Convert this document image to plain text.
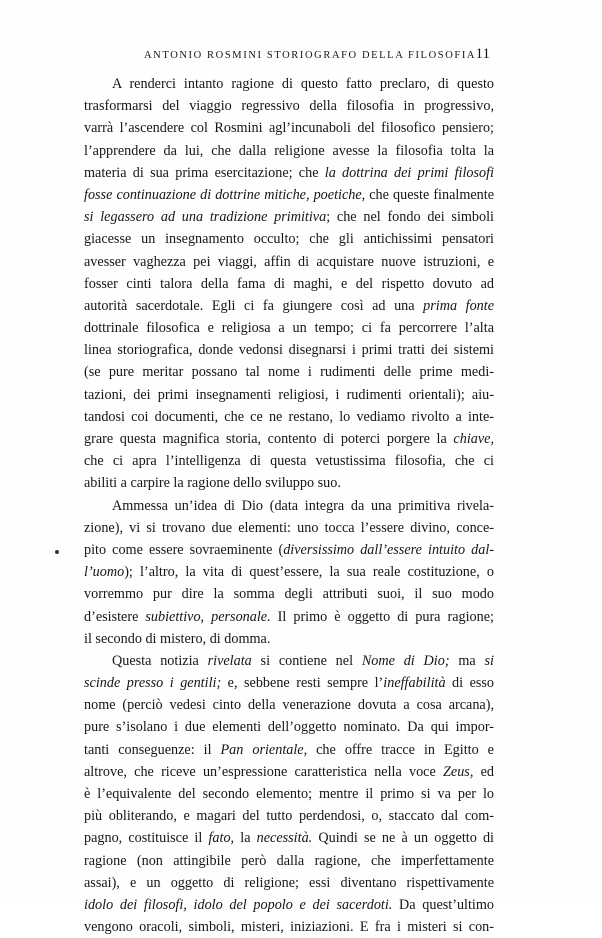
ANTONIO ROSMINI STORIOGRAFO DELLA FILOSOFIA 11
A renderci intanto ragione di questo fatto preclaro, di questo
trasformarsi del viaggio regressivo della filosofia in progressivo,
varrà l’ascendere col Rosmini agl’incunaboli del filosofico pensiero;
l’apprendere da lui, che dalla religione avesse la filosofia tolta la
materia di sua prima esercitazione; che la dottrina dei primi filosofi
fosse continuazione di dottrine mitiche, poetiche, che queste finalmente
si legassero ad una tradizione primitiva; che nel fondo dei simboli
giacesse un insegnamento occulto; che gli antichissimi pensatori
avesser vaghezza pei viaggi, affin di acquistare nuove istruzioni, e
fosser cinti talora della fama di maghi, e del rispetto dovuto ad
autorità sacerdotale. Egli ci fa giungere così ad una prima fonte
dottrinale filosofica e religiosa a un tempo; ci fa percorrere l’alta
linea storiografica, donde vedonsi disegnarsi i primi tratti dei sistemi
(se pure meritar possano tal nome i rudimenti delle prime medi-
tazioni, dei primi insegnamenti religiosi, i rudimenti orientali); aiu-
tandosi coi documenti, che ce ne restano, lo vediamo rivolto a inte-
grare questa magnifica storia, contento di poterci porgere la chiave,
che ci apra l’intelligenza di questa vetustissima filosofia, che ci
abiliti a carpire la ragione dello sviluppo suo.
Ammessa un’idea di Dio (data integra da una primitiva rivela-
zione), vi si trovano due elementi: uno tocca l’essere divino, conce-
pito come essere sovraeminente (diversissimo dall’essere intuito dal-
l’uomo); l’altro, la vita di quest’essere, la sua reale costituzione, o
vorremmo pur dire la somma degli attributi suoi, il suo modo
d’esistere subiettivo, personale. Il primo è oggetto di pura ragione;
il secondo di mistero, di domma.
Questa notizia rivelata si contiene nel Nome di Dio; ma si
scinde presso i gentili; e, sebbene resti sempre l’ineffabilità di esso
nome (perciò vedesi cinto della venerazione dovuta a cosa arcana),
pure s’isolano i due elementi dell’oggetto nominato. Da qui impor-
tanti conseguenze: il Pan orientale, che offre tracce in Egitto e
altrove, che riceve un’espressione caratteristica nella voce Zeus, ed
è l’equivalente del secondo elemento; mentre il primo si va per lo
più obliterando, e magari del tutto perdendosi, o, staccato dal com-
pagno, costituisce il fato, la necessità. Quindi se ne à un oggetto di
ragione (non attingibile però dalla ragione, che imperfettamente
assai), e un oggetto di religione; essi diventano rispettivamente
idolo dei filosofi, idolo del popolo e dei sacerdoti. Da quest’ultimo
vengono oracoli, simboli, misteri, iniziazioni. E fra i misteri si con-
